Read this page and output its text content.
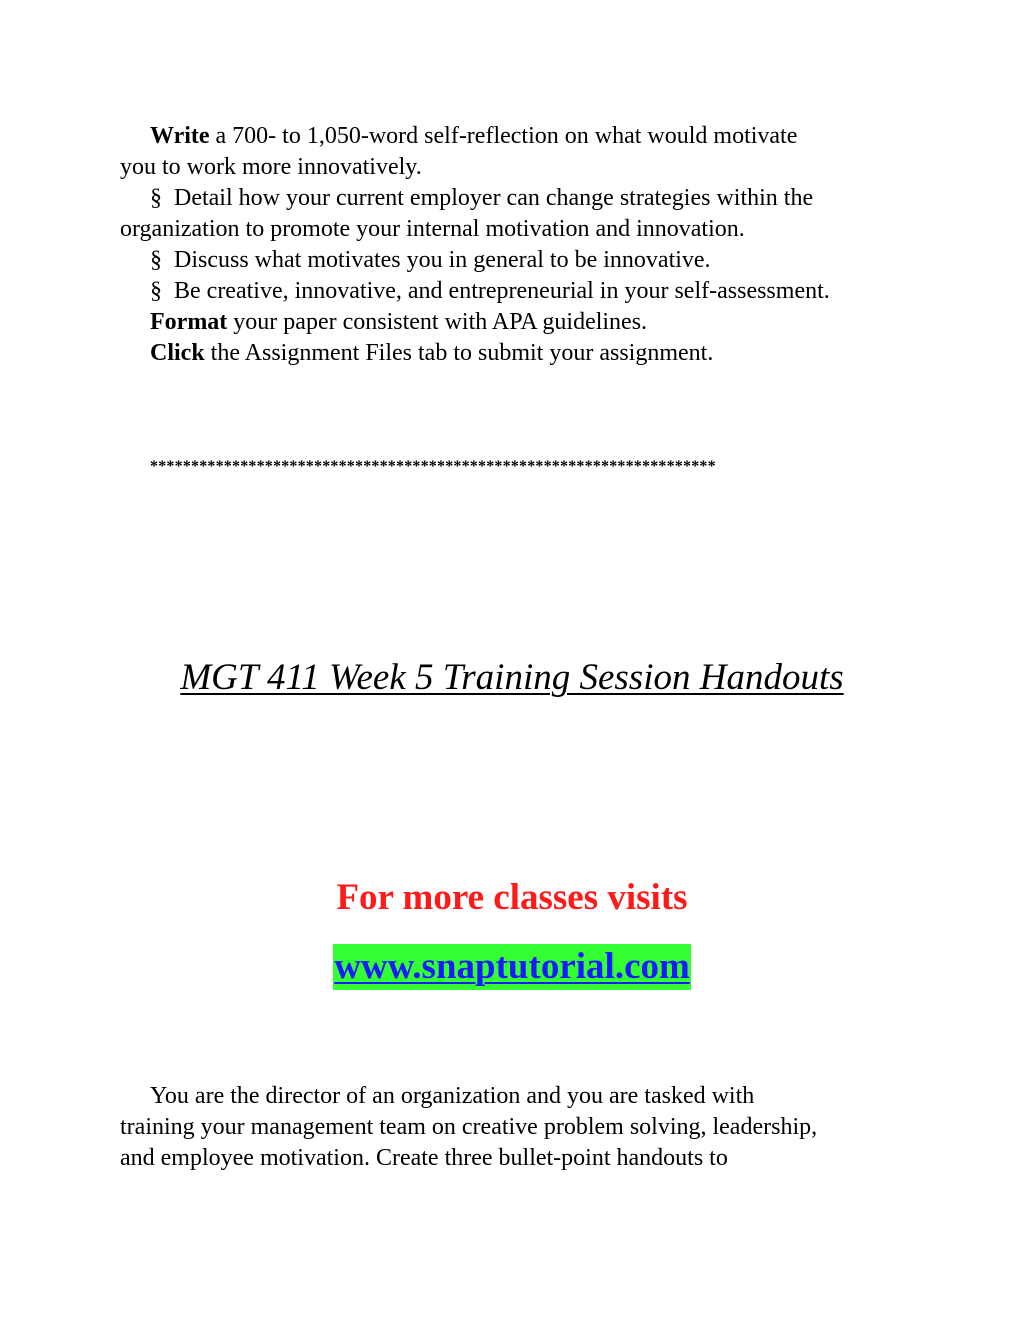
Write a 700- to 1,050-word self-reflection on what would motivate
you to work more innovatively.
§  Detail how your current employer can change strategies within the
organization to promote your internal motivation and innovation.
§  Discuss what motivates you in general to be innovative.
§  Be creative, innovative, and entrepreneurial in your self-assessment.
Format your paper consistent with APA guidelines.
Click the Assignment Files tab to submit your assignment.
*********************************************************************
MGT 411 Week 5 Training Session Handouts
For more classes visits
www.snaptutorial.com
You are the director of an organization and you are tasked with
training your management team on creative problem solving, leadership,
and employee motivation. Create three bullet-point handouts to
